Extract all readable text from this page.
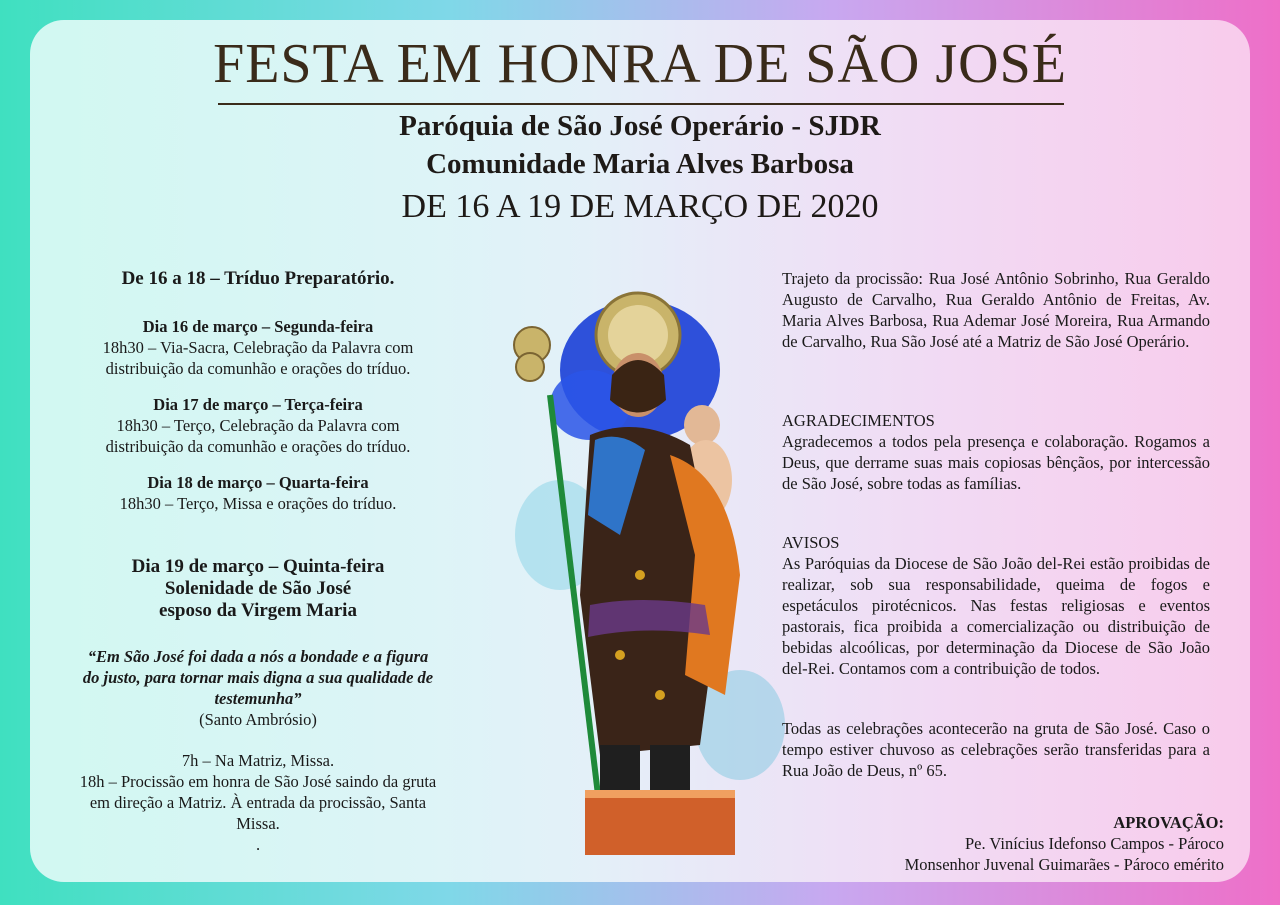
FESTA EM HONRA DE SÃO JOSÉ
Paróquia de São José Operário - SJDR
Comunidade Maria Alves Barbosa
DE 16 A 19 DE MARÇO DE 2020
De 16 a 18 – Tríduo Preparatório.
Dia 16 de março – Segunda-feira
18h30 – Via-Sacra, Celebração da Palavra com distribuição da comunhão e orações do tríduo.
Dia 17 de março – Terça-feira
18h30 – Terço, Celebração da Palavra com distribuição da comunhão e orações do tríduo.
Dia 18 de março – Quarta-feira
18h30 – Terço, Missa e orações do tríduo.
Dia 19 de março – Quinta-feira
Solenidade de São José
esposo da Virgem Maria
“Em São José foi dada a nós a bondade e a figura do justo, para tornar mais digna a sua qualidade de testemunha”
(Santo Ambrósio)
7h – Na Matriz, Missa.
18h – Procissão em honra de São José saindo da gruta em direção a Matriz. À entrada da procissão, Santa Missa.
.
Trajeto da procissão: Rua José Antônio Sobrinho, Rua Geraldo Augusto de Carvalho, Rua Geraldo Antônio de Freitas, Av. Maria Alves Barbosa, Rua Ademar José Moreira, Rua Armando de Carvalho, Rua São José até a Matriz de São José Operário.
AGRADECIMENTOS
Agradecemos a todos pela presença e colaboração. Rogamos a Deus, que derrame suas mais copiosas bênçãos, por intercessão de São José, sobre todas as famílias.
AVISOS
As Paróquias da Diocese de São João del-Rei estão proibidas de realizar, sob sua responsabilidade, queima de fogos e espetáculos pirotécnicos. Nas festas religiosas e eventos pastorais, fica proibida a comercialização ou distribuição de bebidas alcoólicas, por determinação da Diocese de São João del-Rei. Contamos com a contribuição de todos.
Todas as celebrações acontecerão na gruta de São José. Caso o tempo estiver chuvoso as celebrações serão transferidas para a Rua João de Deus, nº 65.
APROVAÇÃO:
Pe. Vinícius Idefonso Campos - Pároco
Monsenhor Juvenal Guimarães - Pároco emérito
